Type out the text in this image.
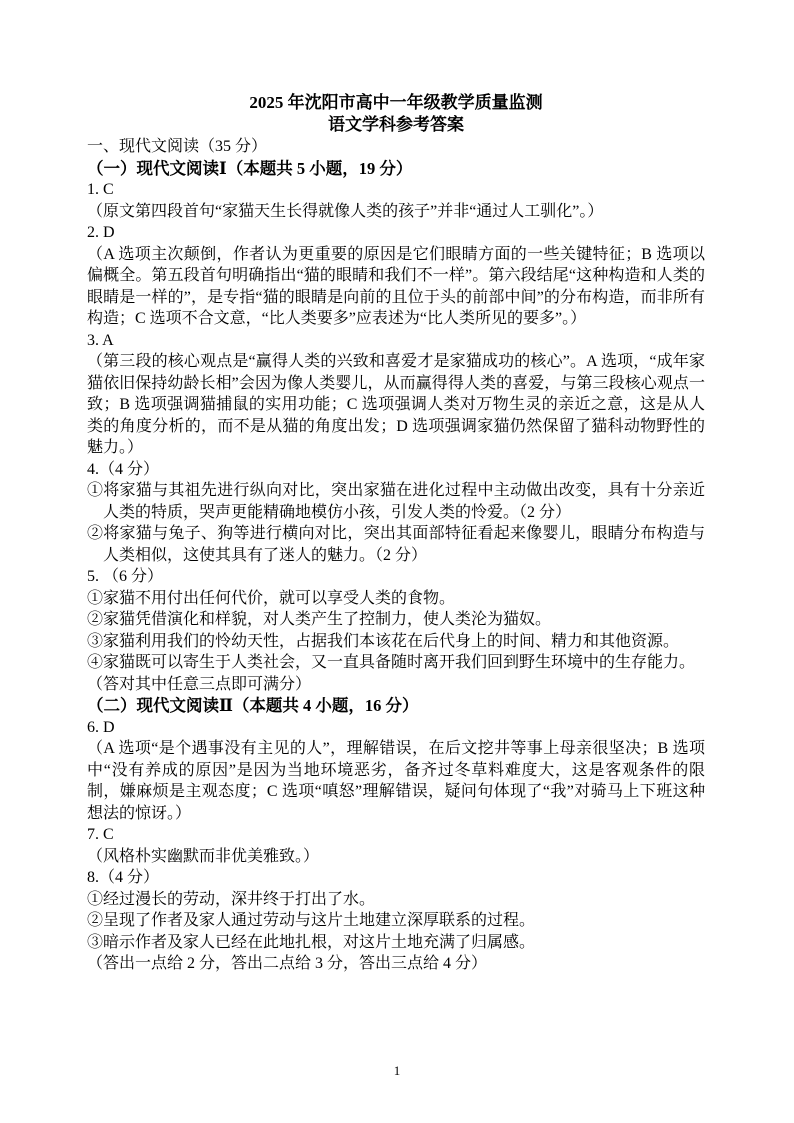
2025 年沈阳市高中一年级教学质量监测

语文学科参考答案

一、现代文阅读（35 分）

（一）现代文阅读Ⅰ（本题共 5 小题，19 分）

1. C

（原文第四段首句“家猫天生长得就像人类的孩子”并非“通过人工驯化”。）

2. D

（A 选项主次颠倒，作者认为更重要的原因是它们眼睛方面的一些关键特征；B 选项以偏概全。第五段首句明确指出“猫的眼睛和我们不一样”。第六段结尾“这种构造和人类的眼睛是一样的”，是专指“猫的眼睛是向前的且位于头的前部中间”的分布构造，而非所有构造；C 选项不合文意，“比人类要多”应表述为“比人类所见的要多”。）

3. A

（第三段的核心观点是“赢得人类的兴致和喜爱才是家猫成功的核心”。A 选项，“成年家猫依旧保持幼龄长相”会因为像人类婴儿，从而赢得得人类的喜爱，与第三段核心观点一致；B 选项强调猫捕鼠的实用功能；C 选项强调人类对万物生灵的亲近之意，这是从人类的角度分析的，而不是从猫的角度出发；D 选项强调家猫仍然保留了猫科动物野性的魅力。）

4.（4 分）

①将家猫与其祖先进行纵向对比，突出家猫在进化过程中主动做出改变，具有十分亲近人类的特质，哭声更能精确地模仿小孩，引发人类的怜爱。（2 分）

②将家猫与兔子、狗等进行横向对比，突出其面部特征看起来像婴儿，眼睛分布构造与人类相似，这使其具有了迷人的魅力。（2 分）

5. （6 分）

①家猫不用付出任何代价，就可以享受人类的食物。

②家猫凭借演化和样貌，对人类产生了控制力，使人类沦为猫奴。

③家猫利用我们的怜幼天性，占据我们本该花在后代身上的时间、精力和其他资源。

④家猫既可以寄生于人类社会，又一直具备随时离开我们回到野生环境中的生存能力。

（答对其中任意三点即可满分）

（二）现代文阅读Ⅱ（本题共 4 小题，16 分）

6. D

（A 选项“是个遇事没有主见的人”，理解错误，在后文挖井等事上母亲很坚决；B 选项中“没有养成的原因”是因为当地环境恶劣，备齐过冬草料难度大，这是客观条件的限制，嫌麻烦是主观态度；C 选项“嗔怒”理解错误，疑问句体现了“我”对骑马上下班这种想法的惊讶。）

7. C

（风格朴实幽默而非优美雅致。）

8.（4 分）

①经过漫长的劳动，深井终于打出了水。

②呈现了作者及家人通过劳动与这片土地建立深厚联系的过程。

③暗示作者及家人已经在此地扎根，对这片土地充满了归属感。

（答出一点给 2 分，答出二点给 3 分，答出三点给 4 分）

1
